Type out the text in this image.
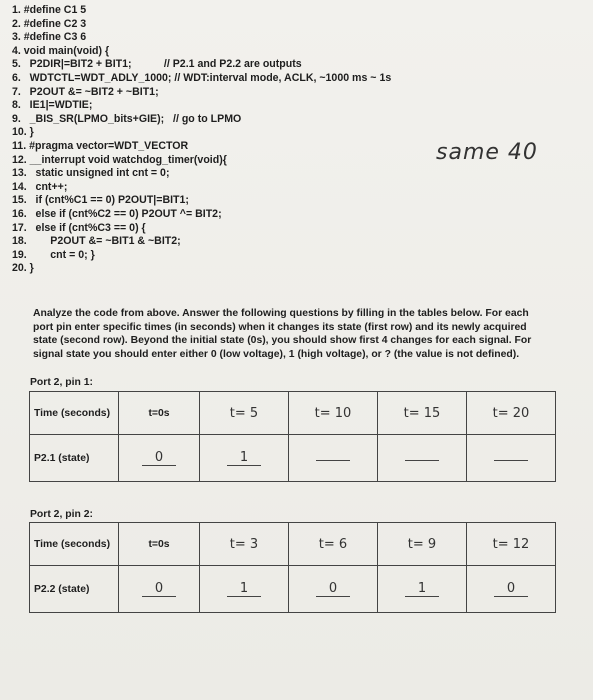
1. #define C1 5
2. #define C2 3
3. #define C3 6
4. void main(void) {
5.   P2DIR|=BIT2 + BIT1;           // P2.1 and P2.2 are outputs
6.   WDTCTL=WDT_ADLY_1000; // WDT:interval mode, ACLK, ~1000 ms ~ 1s
7.   P2OUT &= ~BIT2 + ~BIT1;
8.   IE1|=WDTIE;
9.   _BIS_SR(LPMO_bits+GIE);   // go to LPMO
10. }
11. #pragma vector=WDT_VECTOR
12. __interrupt void watchdog_timer(void){
13.   static unsigned int cnt = 0;
14.   cnt++;
15.   if (cnt%C1 == 0) P2OUT|=BIT1;
16.   else if (cnt%C2 == 0) P2OUT ^= BIT2;
17.   else if (cnt%C3 == 0) {
18.        P2OUT &= ~BIT1 & ~BIT2;
19.        cnt = 0; }
20. }
same 40
Analyze the code from above. Answer the following questions by filling in the tables below. For each port pin enter specific times (in seconds) when it changes its state (first row) and its newly acquired state (second row). Beyond the initial state (0s), you should show first 4 changes for each signal. For signal state you should enter either 0 (low voltage), 1 (high voltage), or ? (the value is not defined).
Port 2, pin 1:
Time (seconds)	t=0s	t= 5	t= 10	t= 15	t= 20
P2.1 (state)	0	1			
Port 2, pin 2:
Time (seconds)	t=0s	t= 3	t= 6	t= 9	t= 12
P2.2 (state)	0	1	0	1	0
